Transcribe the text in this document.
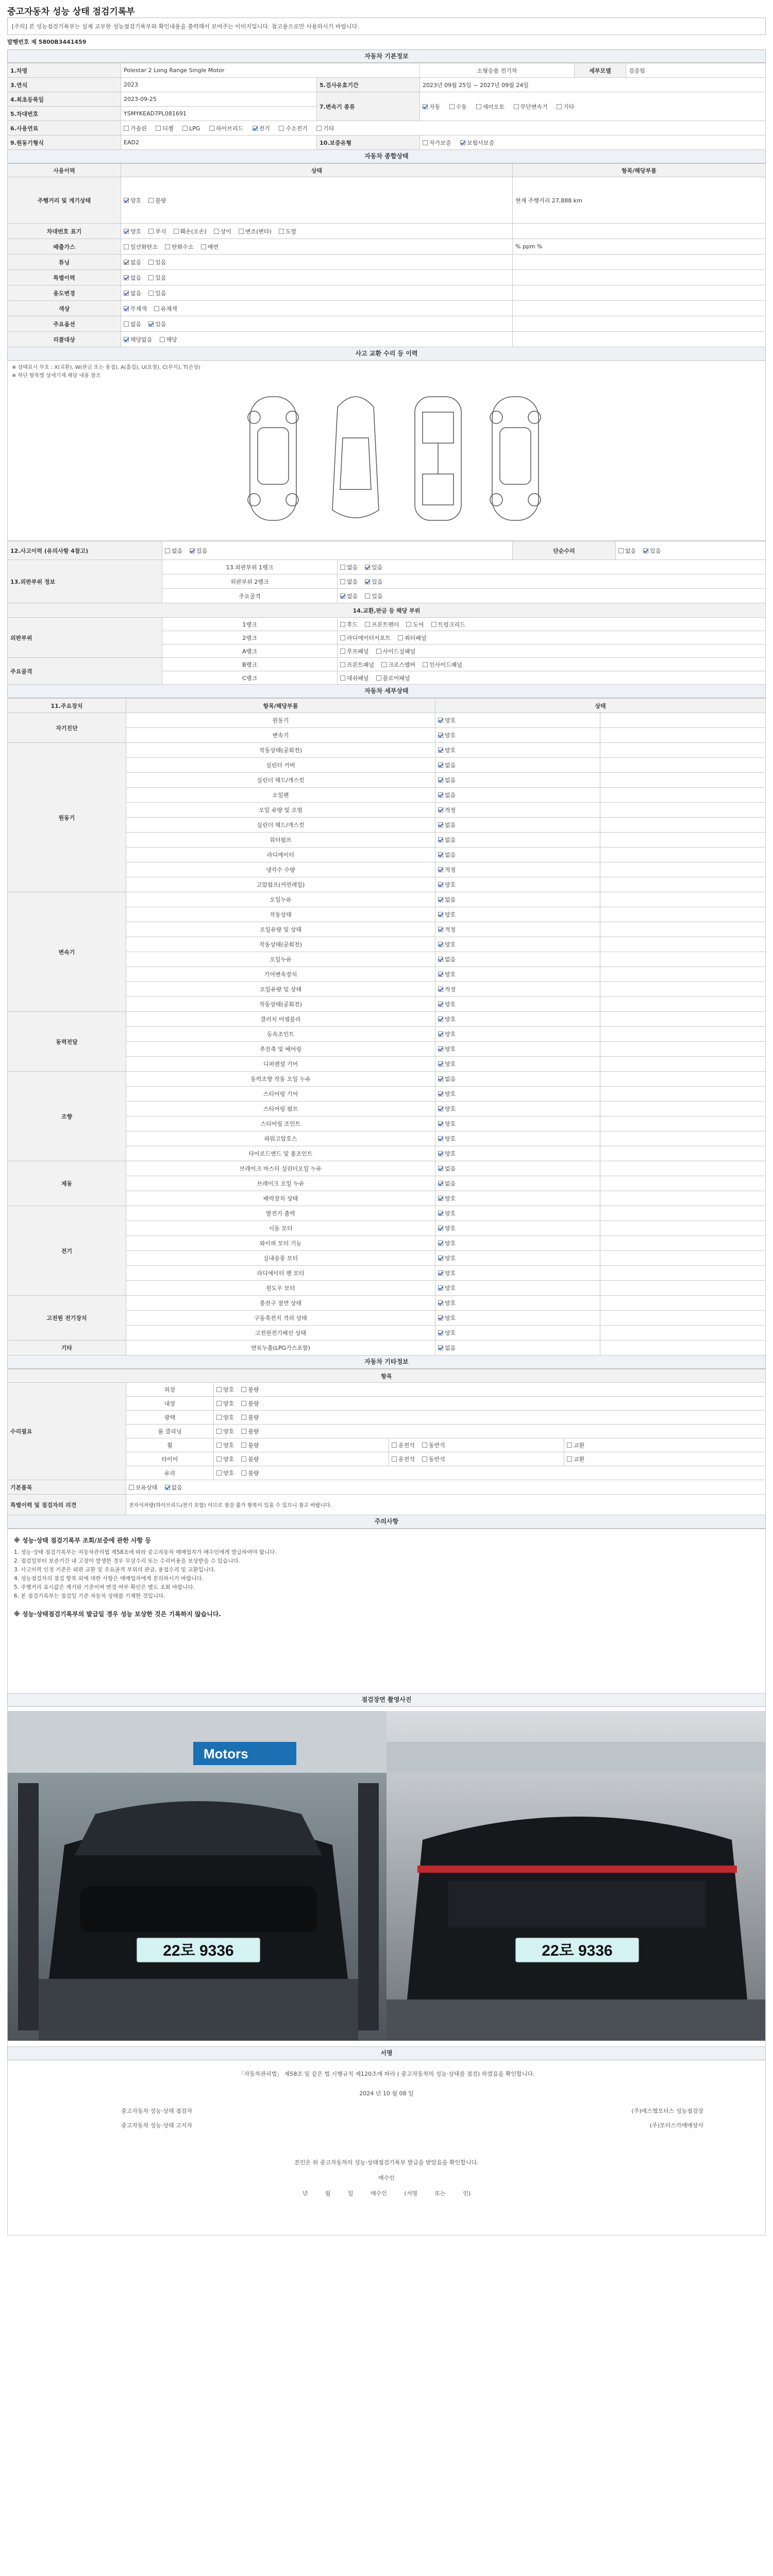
중고자동차 성능 상태 점검기록부
[주의] 본 성능점검기록부는 실제 교부한 성능점검기록부와 확인내용을 출력해서 보여주는 이미지입니다. 참고용으로만 사용하시기 바랍니다.
발행번호 제 5800B3441459
자동차 기본정보
1.차명	Polestar 2 Long Range Single Motor		소형승용 전기차	세부모델	검증됨
3.연식	2023	5.검사유효기간	2023년 09월 25일 ~ 2027년 09월 24일		
4.최초등록일	2023-09-25	7.변속기 종류	자동 수동 세미오토 무단변속기 기타		
5.차대번호	YSMYKEAD7PL081691				
6.사용연료	가솔린 디젤 LPG 하이브리드 전기 수소전기 기타				
9.원동기형식	EAD2	10.보증유형	자가보증 보험사보증		
자동차 종합상태
사용이력	상태	항목/해당부품
주행거리 및 계기상태	양호 불량	현재 주행거리 27,888 km
차대번호 표기	양호 부식 훼손(오손) 상이 변조(변타) 도말	
배출가스	일산화탄소 탄화수소 매연	% ppm %
튜닝	없음 있음	
특별이력	없음 있음	
용도변경	없음 있음	
색상	무채색 유채색	
주요옵션	없음 있음	
리콜대상	해당없음 해당	
사고 교환 수리 등 이력
※ 상태표시 부호 : X(교환), W(판금 또는 용접), A(흠집), U(요철), C(부식), T(손상)
※ 하단 항목별 상세기재 해당 내용 참조
12.사고이력 (유의사항 4참고)	없음 있음		단순수리	없음 있음
13.외판부위 정보	13.외판부위 1랭크	없음 있음		
	외판부위 2랭크	없음 있음		
	주요골격	없음 있음		
14.교환,판금 등 해당 부위				
외판부위	1랭크	후드 프론트펜더 도어 트렁크리드		
	2랭크	라디에이터서포트 쿼터패널		
	A랭크	루프패널 사이드실패널		
주요골격	B랭크	프론트패널 크로스멤버 인사이드패널		
	C랭크	대쉬패널 플로어패널		
자동차 세부상태
11.주요장치	항목/해당부품	상태	
자기진단	원동기	양호	
	변속기	양호	
원동기	작동상태(공회전)	양호	
	실린더 커버	없음	
	실린더 헤드/개스킷	없음	
	오일펜	없음	
	오일 유량 및 오염	적정	
	실린더 헤드/개스킷	없음	
	워터펌프	없음	
	라디에이터	없음	
	냉각수 수량	적정	
	고압펌프(커먼레일)	양호	
변속기	오일누유	없음	
	작동상태	양호	
	오일유량 및 상태	적정	
	작동상태(공회전)	양호	
	오일누유	없음	
	기어변속장치	양호	
	오일유량 및 상태	적정	
	작동상태(공회전)	양호	
동력전달	클러치 어셈블리	양호	
	등속조인트	양호	
	추진축 및 베어링	양호	
	디퍼렌셜 기어	양호	
조향	동력조향 작동 오일 누유	없음	
	스티어링 기어	양호	
	스티어링 펌프	양호	
	스티어링 조인트	양호	
	파워고압호스	양호	
	타이로드엔드 및 볼조인트	양호	
제동	브레이크 마스터 실린더오일 누유	없음	
	브레이크 오일 누유	없음	
	배력장치 상태	양호	
전기	발전기 출력	양호	
	시동 모터	양호	
	와이퍼 모터 기능	양호	
	실내송풍 모터	양호	
	라디에이터 팬 모터	양호	
	윈도우 모터	양호	
고전원 전기장치	충전구 절연 상태	양호	
	구동축전지 격리 상태	양호	
	고전원전기배선 상태	양호	
기타	연료누출(LPG가스포함)	없음	
자동차 기타정보
항목				
수리필요	외장	양호 불량		
	내장	양호 불량		
	광택	양호 불량		
	룸 클리닝	양호 불량		
	휠	양호 불량	운전석 동반석	교환
	타이어	양호 불량	운전석 동반석	교환
	유리	양호 불량		
기본품목	보유상태 없음			
특별이력 및 점검자의 의견	전자식차량(하이브리드/전기 포함) 이므로 점검 불가 항목이 있을 수 있으니 참고 바랍니다.			
주의사항
※ 성능·상태 점검기록부 조회/보증에 관한 사항 등
1. 성능·상태 점검기록부는 자동차관리법 제58조에 따라 중고자동차 매매업자가 매수인에게 발급하여야 합니다.
2. 점검일부터 보증기간 내 고장이 발생한 경우 무상수리 또는 수리비용을 보상받을 수 있습니다.
3. 사고이력 인정 기준은 외판 교환 및 주요골격 부위의 판금, 용접수리 및 교환입니다.
4. 성능점검자의 점검 항목 외에 대한 사항은 매매업자에게 문의하시기 바랍니다.
5. 주행거리 표시값은 계기판 기준이며 변경 여부 확인은 별도 조회 바랍니다.
6. 본 점검기록부는 점검일 기준 자동차 상태를 기재한 것입니다.
※ 성능·상태점검기록부의 발급일 경우 성능 보상한 것은 기록하지 않습니다.
점검장면 촬영사진
Motors
22로 9336	22로 9336
서명
「자동차관리법」 제58조 및 같은 법 시행규칙 제120조에 따라 ( 중고자동차의 성능·상태를 점검) 하였음을 확인합니다.
2024 년 10 월 08 일
중고자동차 성능·상태 점검자
중고자동차 성능·상태 고지자
(주)에스엠모터스 성능점검장
(주)모터스카매매상사
본인은 위 중고자동차의 성능·상태점검기록부 발급을 받았음을 확인합니다.
매수인
년	월	일	매수인	(서명 또는 인)
